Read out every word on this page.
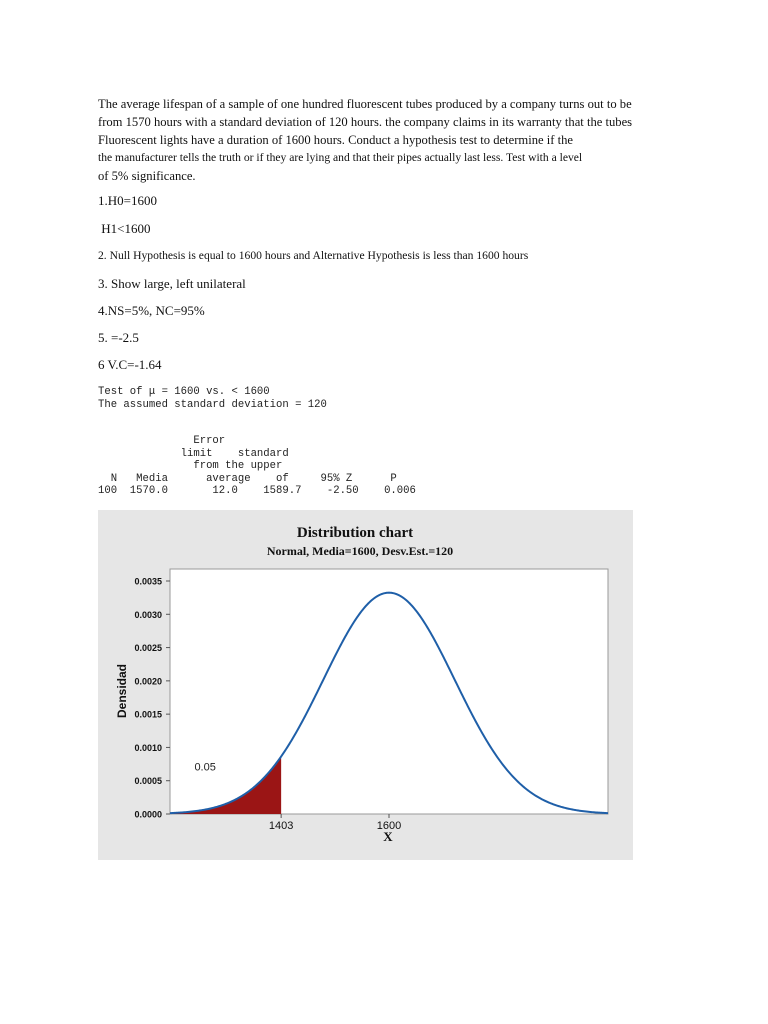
The average lifespan of a sample of one hundred fluorescent tubes produced by a company turns out to be

from 1570 hours with a standard deviation of 120 hours. the company claims in its warranty that the tubes

Fluorescent lights have a duration of 1600 hours. Conduct a hypothesis test to determine if the

the manufacturer tells the truth or if they are lying and that their pipes actually last less. Test with a level

of 5% significance.

1.H0=1600
H1<1600
2. Null Hypothesis is equal to 1600 hours and Alternative Hypothesis is less than 1600 hours
3. Show large, left unilateral
4.NS=5%, NC=95%
5. =-2.5
6 V.C=-1.64
Test of μ = 1600 vs. < 1600
The assumed standard deviation = 120
Error
limit    standard
from the upper
N   Media      average    of     95% Z      P
100  1570.0       12.0    1589.7    -2.50    0.006
Distribution chart
Normal, Media=1600, Desv.Est.=120
0.0000
0.0005
0.0010
0.0015
0.0020
0.0025
0.0030
0.0035
1403	1600
0.05
X
Densidad
